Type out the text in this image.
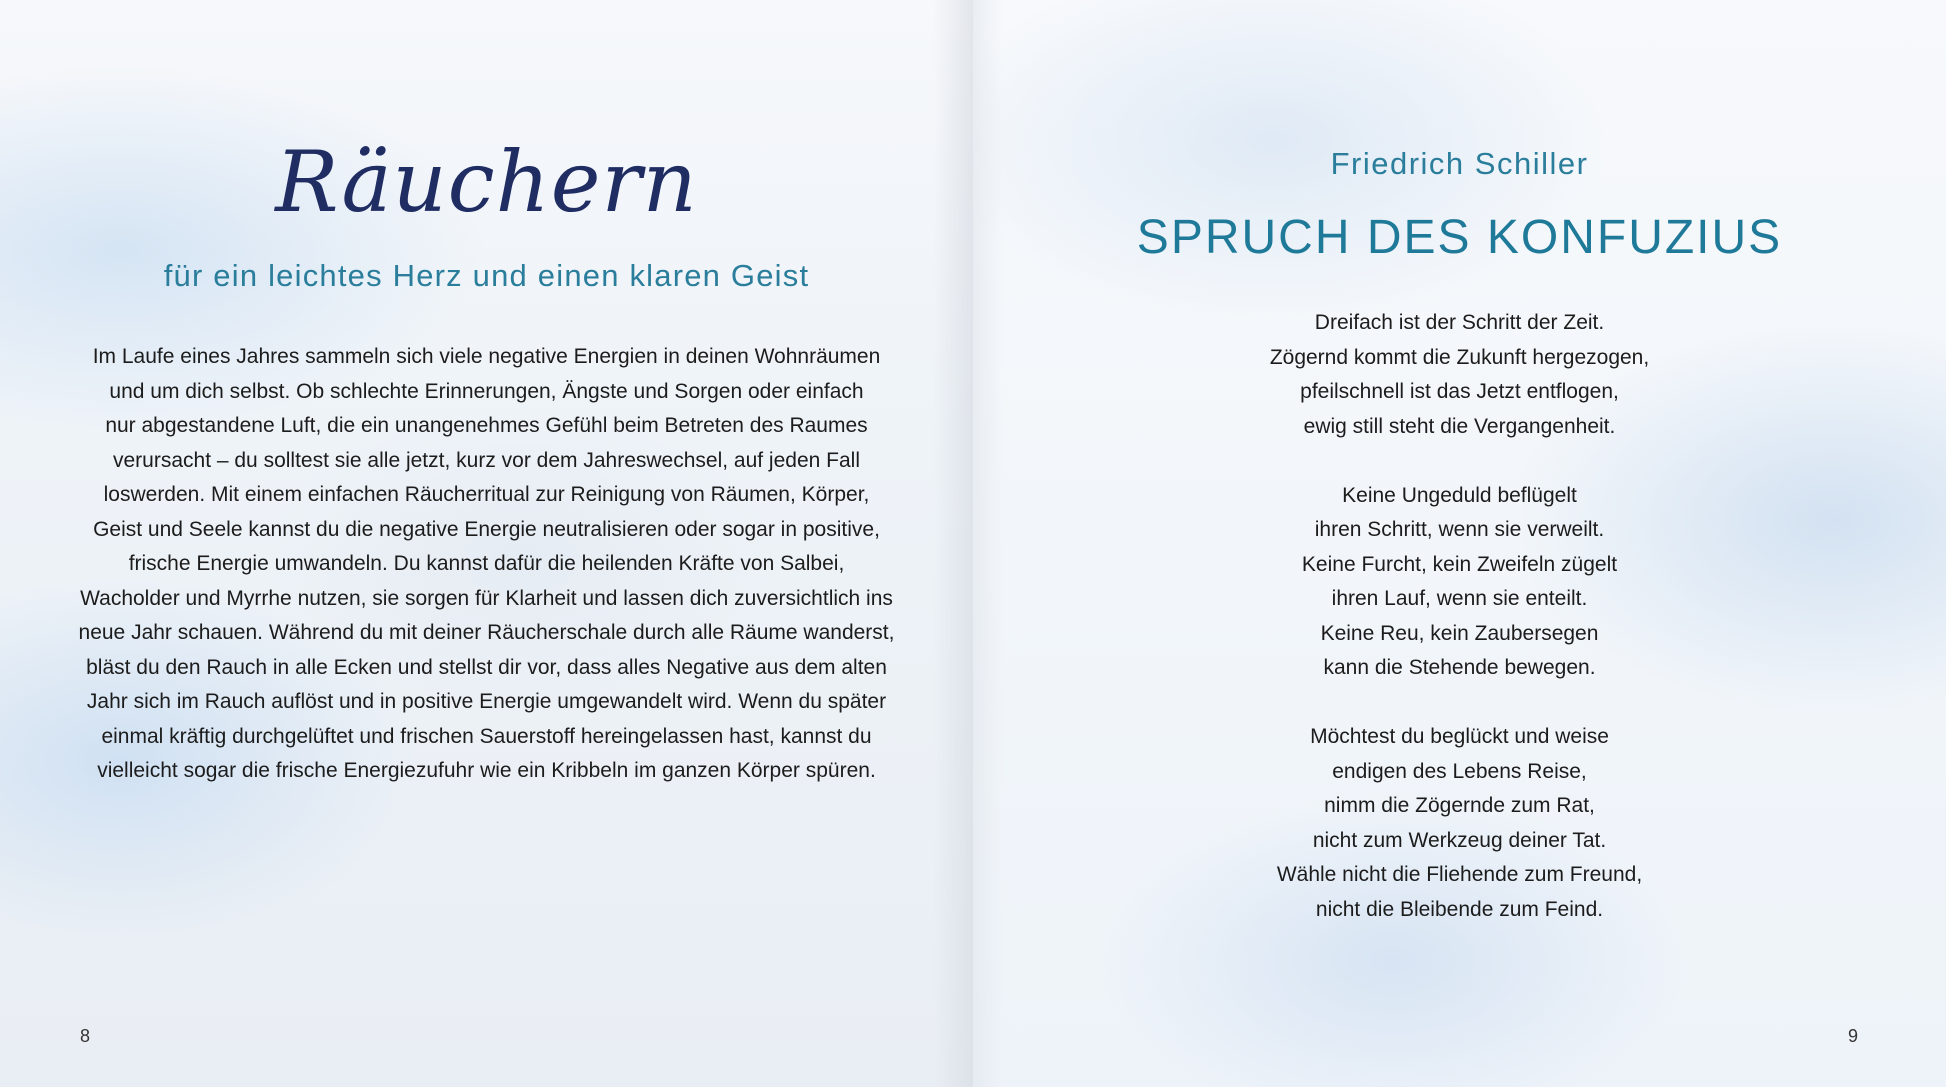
Räuchern
für ein leichtes Herz und einen klaren Geist
Im Laufe eines Jahres sammeln sich viele negative Energien in deinen Wohnräumen
und um dich selbst. Ob schlechte Erinnerungen, Ängste und Sorgen oder einfach
nur abgestandene Luft, die ein unangenehmes Gefühl beim Betreten des Raumes
verursacht – du solltest sie alle jetzt, kurz vor dem Jahreswechsel, auf jeden Fall
loswerden. Mit einem einfachen Räucherritual zur Reinigung von Räumen, Körper,
Geist und Seele kannst du die negative Energie neutralisieren oder sogar in positive,
frische Energie umwandeln. Du kannst dafür die heilenden Kräfte von Salbei,
Wacholder und Myrrhe nutzen, sie sorgen für Klarheit und lassen dich zuversichtlich ins
neue Jahr schauen. Während du mit deiner Räucherschale durch alle Räume wanderst,
bläst du den Rauch in alle Ecken und stellst dir vor, dass alles Negative aus dem alten
Jahr sich im Rauch auflöst und in positive Energie umgewandelt wird. Wenn du später
einmal kräftig durchgelüftet und frischen Sauerstoff hereingelassen hast, kannst du
vielleicht sogar die frische Energiezufuhr wie ein Kribbeln im ganzen Körper spüren.
8
Friedrich Schiller
SPRUCH DES KONFUZIUS
Dreifach ist der Schritt der Zeit.
Zögernd kommt die Zukunft hergezogen,
pfeilschnell ist das Jetzt entflogen,
ewig still steht die Vergangenheit.
Keine Ungeduld beflügelt
ihren Schritt, wenn sie verweilt.
Keine Furcht, kein Zweifeln zügelt
ihren Lauf, wenn sie enteilt.
Keine Reu, kein Zaubersegen
kann die Stehende bewegen.
Möchtest du beglückt und weise
endigen des Lebens Reise,
nimm die Zögernde zum Rat,
nicht zum Werkzeug deiner Tat.
Wähle nicht die Fliehende zum Freund,
nicht die Bleibende zum Feind.
9
